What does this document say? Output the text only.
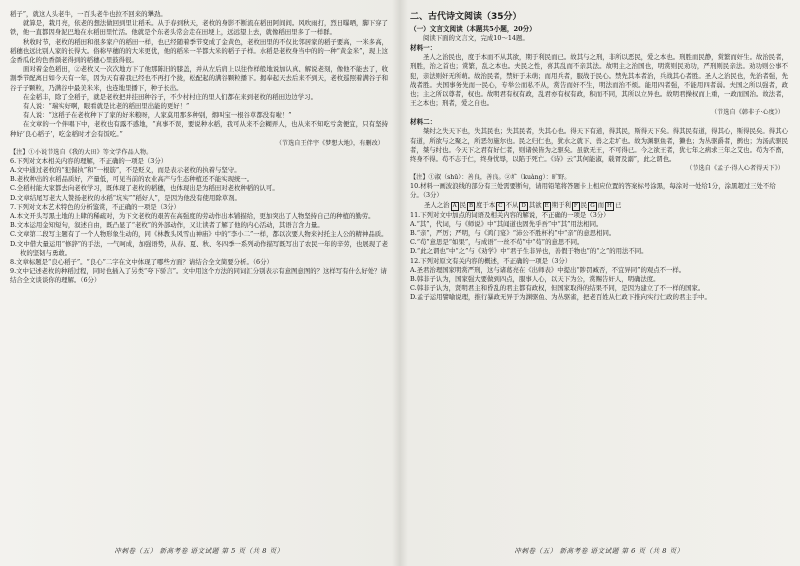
稻子”，就这人头老牛，一百头老牛也拉不回来的犟劲。

就算是，栽月亮，依老的想法做回到里让稻禾。从于春到秋天，老枚的身影不断流在稻田阿间间。风吹雨打，烈日曝晒，脚下穿了铁，他一直都因身泥巴地在水稻田里忙活。他就是个东老头常会走在田埂上，远远望上去，就像稻田里多了一样群。

秋收时节，老枚的稻田和很多家户的稻田一样，也已经随着季节变成了金黄色，老枚田里的不仅比邻居家的稻子要高，一米多高，稻穗也远比别人家的长得大。俗称早穗的的大米更优，他的稻米一半都大米的稻子子样。水稻是老枚身当中的的一种“黄金米”，现上这金香瓜化的色香颜老得到的稻穗心里鼓得很。

面对着金色稻田，②老枚又一次次地方下了他那陈旧的膝盖，并从左后肩上以往作样般地说加认真、解说老刻，像他不能去了，收割季节配离日如今天有一年，因为天有着我已经也不再打个拢，松配起的满谷颗粒播下。揭奉起天去后来不到天，老枚巡照着满谷子和谷子子颗粒，乃满谷中最美米米，也连地里播下，种子长出。

在金稻丰，除了全稻子，就是老枚把并挂田种谷子，不少村村庄的里人们都在来到老枚的稻田边边学习。

有人说：“瑞实好啊，眼看就是比老的稻田里出能的更好！”

有人说：“这稻子在老枚种下了家的好米粮呀，人家莫用那多种别，烟叫宝一根谷草都没有啦！”

在文章的一个伴唱下中，老枚也有露不惑地，“真事不误，要说种水稻，我可从来不会糊弄人，也从来不知吃亏贪便宜，只有坚持种好‘良心稻子’，吃金稻时才会有饭吃。”

（节选自王伴宇《梦想大地》，有删改）

【注】①小说节选自《我的大田》等文学作品人物。

6.下列对文本相关内容的理解，不正确的一项是（3分）

A.文中通过老枚的“犯倔执”和“一根筋”，不是贬义，而是表示老枚的执着与坚守。

B.老枚种出的水稻品质好，产量低，可见当前的农业高产与生态种植还不能实现统一。

C.全稻村能大家都去向老枚学习，既体现了老枚的稻穗，也体现出是为稻田对老枚种稻的认可。

D.文章结尾写老大人赞扬老枚的水稻“坑实”“稻好人”，是因为他没有使用除草剂。

7.下列对文本艺术特色的分析鉴赏，不正确的一项是（3分）

A.本文开头写黑土地的上肆的稀疏对，为下文老枚的艰苦在高强度的劳动作出本铺描给，更加突出了人物坚持自己的种植的勤劳。

B.文本运用金知短句，叙述自由，既凸显了“老枚”的外部动作，又让读者了解了他的内心活动，其语言含力量。

C.文章第二段写主题有了一个人物形象生动的，同《林教头风雪山神庙》中的“李小二”一样，都以次要人物来衬托主人公的精神品质。

D.文中借大量运用“修辞”的手法，一气呵成，加强语势，从春、夏、秋、冬四季一系列动作描写既写出了农民一年的辛劳，也展现了老枚的坚韧与勇敢。

8.文章标题是“良心稻子”。“良心”二字在文中体现了哪些方面？请结合全文简要分析。（6分）

9.文中记述老枚的种稻过程，同时也插入了另类“夸下骄言”。文中用这个方法的同词汇分别表示有意图意图的？这样写有什么好处？请结合全文谈谈你的理解。（6分）

冲刺卷（五） 新高考卷 语文试题 第 5 页（共 8 页）

二、古代诗文阅读（35分）

（一）文言文阅读（本题共5小题，20分）

阅读下面的文言文，完成10～14题。

材料一：

圣人之治民也，度于本而不从其欲，期于利民而已。故其与之刑，非所以恶民，爱之本也。刑胜而民静，赏繁而奸生。故治民者，刑胜，治之首也；赏繁，乱之本也。夫民之性，喜其乱而不亲其法。故明主之治国也，明赏则民劝功，严刑则民亲法。劝功则公事不犯，亲法则奸无所萌。故治民者，禁奸于未萌；而用兵者，服战于民心。禁先其本者治，兵战其心者胜。圣人之治民也，先治者强，先战者胜。夫国事务先而一民心，专举公而私不从，赏告而奸不生，明法而治不烦。能用四者强，不能用四者弱。夫国之所以强者，政也；主之所以尊者，权也。故明君有权有政，乱君亦有权有政，积而不同，其所以立异也。故明君操权而上重，一政而国治。故法者，王之本也；刑者，爱之自也。

（节选自《韩非子·心度》）

材料二：

桀纣之失天下也，失其民也；失其民者，失其心也。得天下有道，得其民，斯得天下矣。得其民有道，得其心，斯得民矣。得其心有道，所欲与之聚之，所恶勿施尔也。民之归仁也，犹水之就下、兽之走圹也。故为渊驱鱼者，獭也；为丛驱爵者，鹯也；为汤武驱民者，桀与纣也。今天下之君有好仁者，则诸侯皆为之驱矣。虽欲无王，不可得已。今之欲王者，犹七年之病求三年之艾也。苟为不畜，终身不得。苟不志于仁，终身忧辱，以陷于死亡。《诗》云“其何能淑，载胥及溺”，此之谓也。

（节选自《孟子·得人心者得天下》）

【注】①淑（shū）：善良，善良。②圹（kuàng）：旷野。

10.材料一画波浪线的部分有三处需要断句，请用铅笔将答题卡上相应位置的答案标号涂黑，每涂对一处给1分，涂黑超过三处不给分。（3分）

圣人之治 A 民 B 度于本 C 不从 D 其欲 E 期于利 F 民 G 而 H 已

11.下列对文中加点的词语及相关内容的解说，不正确的一项是（3分）

A.“其”，代词，与《师说》中“其闻道也固先乎吾”中“其”用法相同。

B.“亲”，严厉；严明，与《鸿门宴》“沛公不胜杯杓”中“亲”的意思相同。

C.“苟”意思是“如果”，与成语“一丝不苟”中“苟”的意思不同。

D.“此之谓也”中“之”与《劝学》中“君子生非异也，善假于物也”的“之”的用法不同。

12.下列对原文有关内容的概述，不正确的一项是（3分）

A.圣君治理国家明赏严刑，这与诸葛亮在《出师表》中提出“陟罚臧否，不宜异同”的观点不一样。

B.韩非子认为，国家强大要做到四点，服事人心，以天下为公，赏赐告奸人，明确法度。

C.韩非子认为，贤明君主和昏乱的君主都有政权，但国家取得的结果不同，是因为建立了不一样的国家。

D.孟子运用譬喻说理，推行暴政无异于为渊驱鱼、为丛驱雀，把老百姓从仁政下推向实行仁政的君主手中。

冲刺卷（五） 新高考卷 语文试题 第 6 页（共 8 页）
